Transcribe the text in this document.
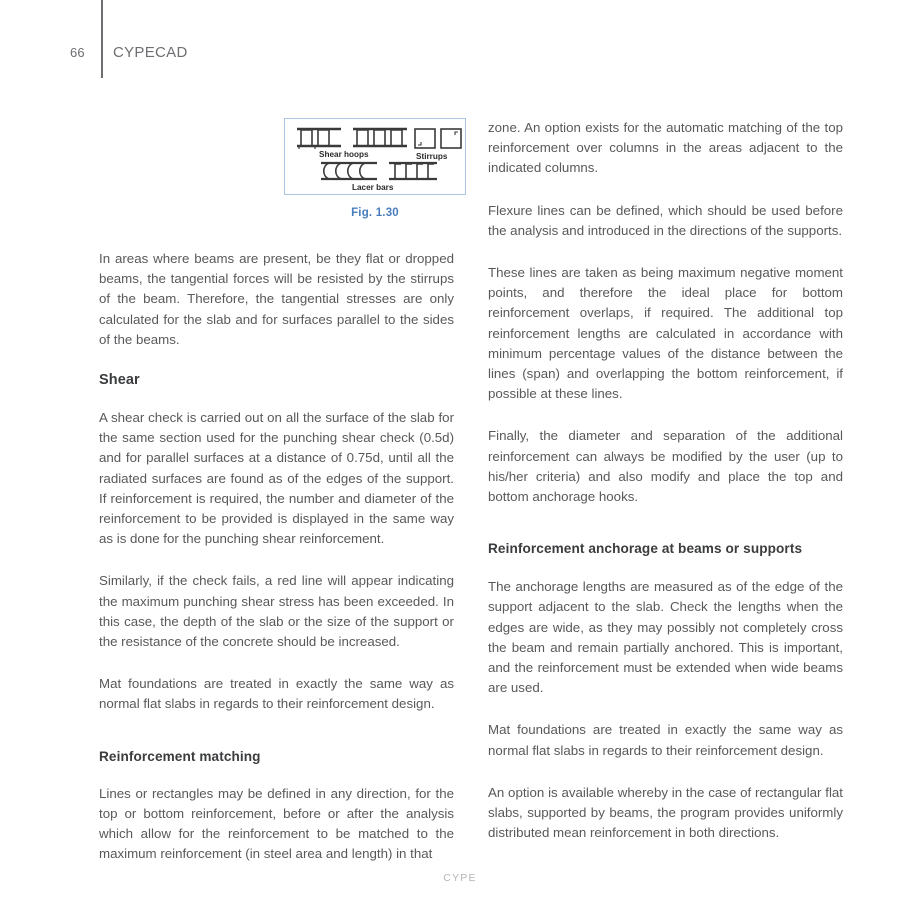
66 CYPECAD
Shear hoops	Stirrups
Lacer bars
Fig. 1.30

In areas where beams are present, be they flat or dropped beams, the tangential forces will be resisted by the stirrups of the beam. Therefore, the tangential stresses are only calculated for the slab and for surfaces parallel to the sides of the beams.

Shear

A shear check is carried out on all the surface of the slab for the same section used for the punching shear check (0.5d) and for parallel surfaces at a distance of 0.75d, until all the radiated surfaces are found as of the edges of the support. If reinforcement is required, the number and diameter of the reinforcement to be provided is displayed in the same way as is done for the punching shear reinforcement.

Similarly, if the check fails, a red line will appear indicating the maximum punching shear stress has been exceeded. In this case, the depth of the slab or the size of the support or the resistance of the concrete should be increased.

Mat foundations are treated in exactly the same way as normal flat slabs in regards to their reinforcement design.

Reinforcement matching

Lines or rectangles may be defined in any direction, for the top or bottom reinforcement, before or after the analysis which allow for the reinforcement to be matched to the maximum reinforcement (in steel area and length) in that

zone. An option exists for the automatic matching of the top reinforcement over columns in the areas adjacent to the indicated columns.

Flexure lines can be defined, which should be used before the analysis and introduced in the directions of the supports.

These lines are taken as being maximum negative moment points, and therefore the ideal place for bottom reinforcement overlaps, if required. The additional top reinforcement lengths are calculated in accordance with minimum percentage values of the distance between the lines (span) and overlapping the bottom reinforcement, if possible at these lines.

Finally, the diameter and separation of the additional reinforcement can always be modified by the user (up to his/her criteria) and also modify and place the top and bottom anchorage hooks.

Reinforcement anchorage at beams or supports

The anchorage lengths are measured as of the edge of the support adjacent to the slab. Check the lengths when the edges are wide, as they may possibly not completely cross the beam and remain partially anchored. This is important, and the reinforcement must be extended when wide beams are used.

Mat foundations are treated in exactly the same way as normal flat slabs in regards to their reinforcement design.

An option is available whereby in the case of rectangular flat slabs, supported by beams, the program provides uniformly distributed mean reinforcement in both directions.

CYPE
